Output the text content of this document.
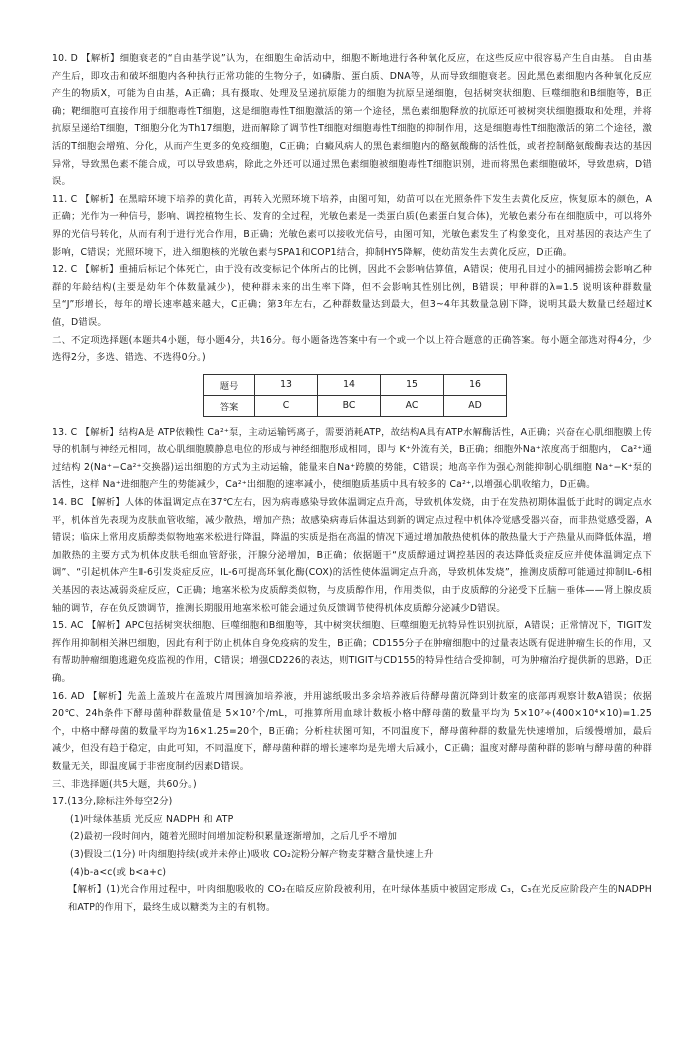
10. D 【解析】细胞衰老的“自由基学说”认为，在细胞生命活动中，细胞不断地进行各种氧化反应，在这些反应中很容易产生自由基。 自由基产生后，即攻击和破坏细胞内各种执行正常功能的生物分子，如磷脂、蛋白质、DNA等，从而导致细胞衰老。因此黑色素细胞内各种氧化反应产生的物质X，可能为自由基，A正确；具有摄取、处理及呈递抗原能力的细胞为抗原呈递细胞，包括树突状细胞、巨噬细胞和B细胞等，B正确；靶细胞可直接作用于细胞毒性T细胞，这是细胞毒性T细胞激活的第一个途径，黑色素细胞释放的抗原还可被树突状细胞摄取和处理，并将抗原呈递给T细胞，T细胞分化为Th17细胞，进而解除了调节性T细胞对细胞毒性T细胞的抑制作用，这是细胞毒性T细胞激活的第二个途径，激活的T细胞会增殖、分化，从而产生更多的免疫细胞，C正确；白癜风病人的黑色素细胞内的酪氨酸酶的活性低，或者控制酪氨酸酶表达的基因异常，导致黑色素不能合成，可以导致患病，除此之外还可以通过黑色素细胞被细胞毒性T细胞识别，进而将黑色素细胞破坏，导致患病，D错误。

11. C 【解析】在黑暗环境下培养的黄化苗，再转入光照环境下培养，由图可知，幼苗可以在光照条件下发生去黄化反应，恢复原本的颜色，A正确；光作为一种信号，影响、调控植物生长、发育的全过程，光敏色素是一类蛋白质(色素蛋白复合体)，光敏色素分布在细胞质中，可以将外界的光信号转化，从而有利于进行光合作用，B正确；光敏色素可以接收光信号，由图可知，光敏色素发生了构象变化，且对基因的表达产生了影响，C错误；光照环境下，进入细胞核的光敏色素与SPA1和COP1结合，抑制HY5降解，使幼苗发生去黄化反应，D正确。

12. C 【解析】重捕后标记个体死亡，由于没有改变标记个体所占的比例，因此不会影响估算值，A错误；使用孔目过小的捕网捕捞会影响乙种群的年龄结构(主要是幼年个体数量减少)，使种群未来的出生率下降，但不会影响其性别比例，B错误；甲种群的λ=1.5 说明该种群数量呈“J”形增长，每年的增长速率越来越大，C正确；第3年左右，乙种群数量达到最大，但3~4年其数量急剧下降，说明其最大数量已经超过K值，D错误。

二、不定项选择题(本题共4小题，每小题4分，共16分。每小题备选答案中有一个或一个以上符合题意的正确答案。每小题全部选对得4分，少选得2分，多选、错选、不选得0分。)

题号	13	14	15	16
答案	C	BC	AC	AD

13. C 【解析】结构A是 ATP依赖性 Ca²⁺泵，主动运输钙离子，需要消耗ATP，故结构A具有ATP水解酶活性，A正确；兴奋在心肌细胞膜上传导的机制与神经元相同，故心肌细胞膜静息电位的形成与神经细胞形成相同，即与 K⁺外流有关，B正确；细胞外Na⁺浓度高于细胞内， Ca²⁺通过结构 2(Na⁺−Ca²⁺交换器)运出细胞的方式为主动运输，能量来自Na⁺跨膜的势能，C错误；地高辛作为强心剂能抑制心肌细胞 Na⁺−K⁺泵的活性，这样 Na⁺进细胞产生的势能减少，Ca²⁺出细胞的速率减小，使细胞质基质中具有较多的 Ca²⁺,以增强心肌收缩力，D正确。

14. BC 【解析】人体的体温调定点在37℃左右，因为病毒感染导致体温调定点升高，导致机体发烧，由于在发热初期体温低于此时的调定点水平，机体首先表现为皮肤血管收缩，减少散热，增加产热；故感染病毒后体温达到新的调定点过程中机体冷觉感受器兴奋，而非热觉感受器，A错误；临床上常用皮质醇类似物地塞米松进行降温，降温的实质是指在高温的情况下通过增加散热使机体的散热量大于产热量从而降低体温，增加散热的主要方式为机体皮肤毛细血管舒张，汗腺分泌增加，B正确；依据题干“皮质醇通过调控基因的表达降低炎症反应并使体温调定点下调”、“引起机体产生Ⅱ-6引发炎症反应，IL-6可提高环氧化酶(COX)的活性使体温调定点升高，导致机体发烧”，推测皮质醇可能通过抑制IL-6相关基因的表达减弱炎症反应，C正确；地塞米松为皮质醇类似物，与皮质醇作用，作用类似，由于皮质醇的分泌受下丘脑－垂体——肾上腺皮质轴的调节，存在负反馈调节，推测长期服用地塞米松可能会通过负反馈调节使得机体皮质醇分泌减少D错误。

15. AC 【解析】APC包括树突状细胞、巨噬细胞和B细胞等，其中树突状细胞、巨噬细胞无抗特异性识别抗原，A错误；正常情况下，TIGIT发挥作用抑制相关淋巴细胞，因此有利于防止机体自身免疫病的发生，B正确；CD155分子在肿瘤细胞中的过量表达既有促进肿瘤生长的作用，又有帮助肿瘤细胞逃避免疫监视的作用，C错误；增强CD226的表达，则TIGIT与CD155的特异性结合受抑制，可为肿瘤治疗提供新的思路，D正确。

16. AD 【解析】先盖上盖玻片在盖玻片周围滴加培养液，并用滤纸吸出多余培养液后待酵母菌沉降到计数室的底部再观察计数A错误；依据20℃、24h条件下酵母菌种群数量值是 5×10⁷个/mL，可推算所用血球计数板小格中酵母菌的数量平均为 5×10⁷÷(400×10⁴×10)=1.25个，中格中酵母菌的数量平均为16×1.25=20个，B正确；分析柱状图可知，不同温度下，酵母菌种群的数量先快速增加，后缓慢增加，最后减少，但没有趋于稳定，由此可知，不同温度下，酵母菌种群的增长速率均是先增大后减小，C正确；温度对酵母菌种群的影响与酵母菌的种群数量无关，即温度属于非密度制约因素D错误。

三、非选择题(共5大题，共60分。)

17.(13分,除标注外每空2分)

(1)叶绿体基质 光反应 NADPH 和 ATP

(2)最初一段时间内，随着光照时间增加淀粉积累量逐渐增加，之后几乎不增加

(3)假设二(1分) 叶肉细胞持续(或并未停止)吸收 CO₂淀粉分解产物麦芽糖含量快速上升

(4)b-a<c(或 b<a+c)

【解析】(1)光合作用过程中，叶肉细胞吸收的 CO₂在暗反应阶段被利用，在叶绿体基质中被固定形成 C₃，C₃在光反应阶段产生的NADPH和ATP的作用下，最终生成以糖类为主的有机物。
